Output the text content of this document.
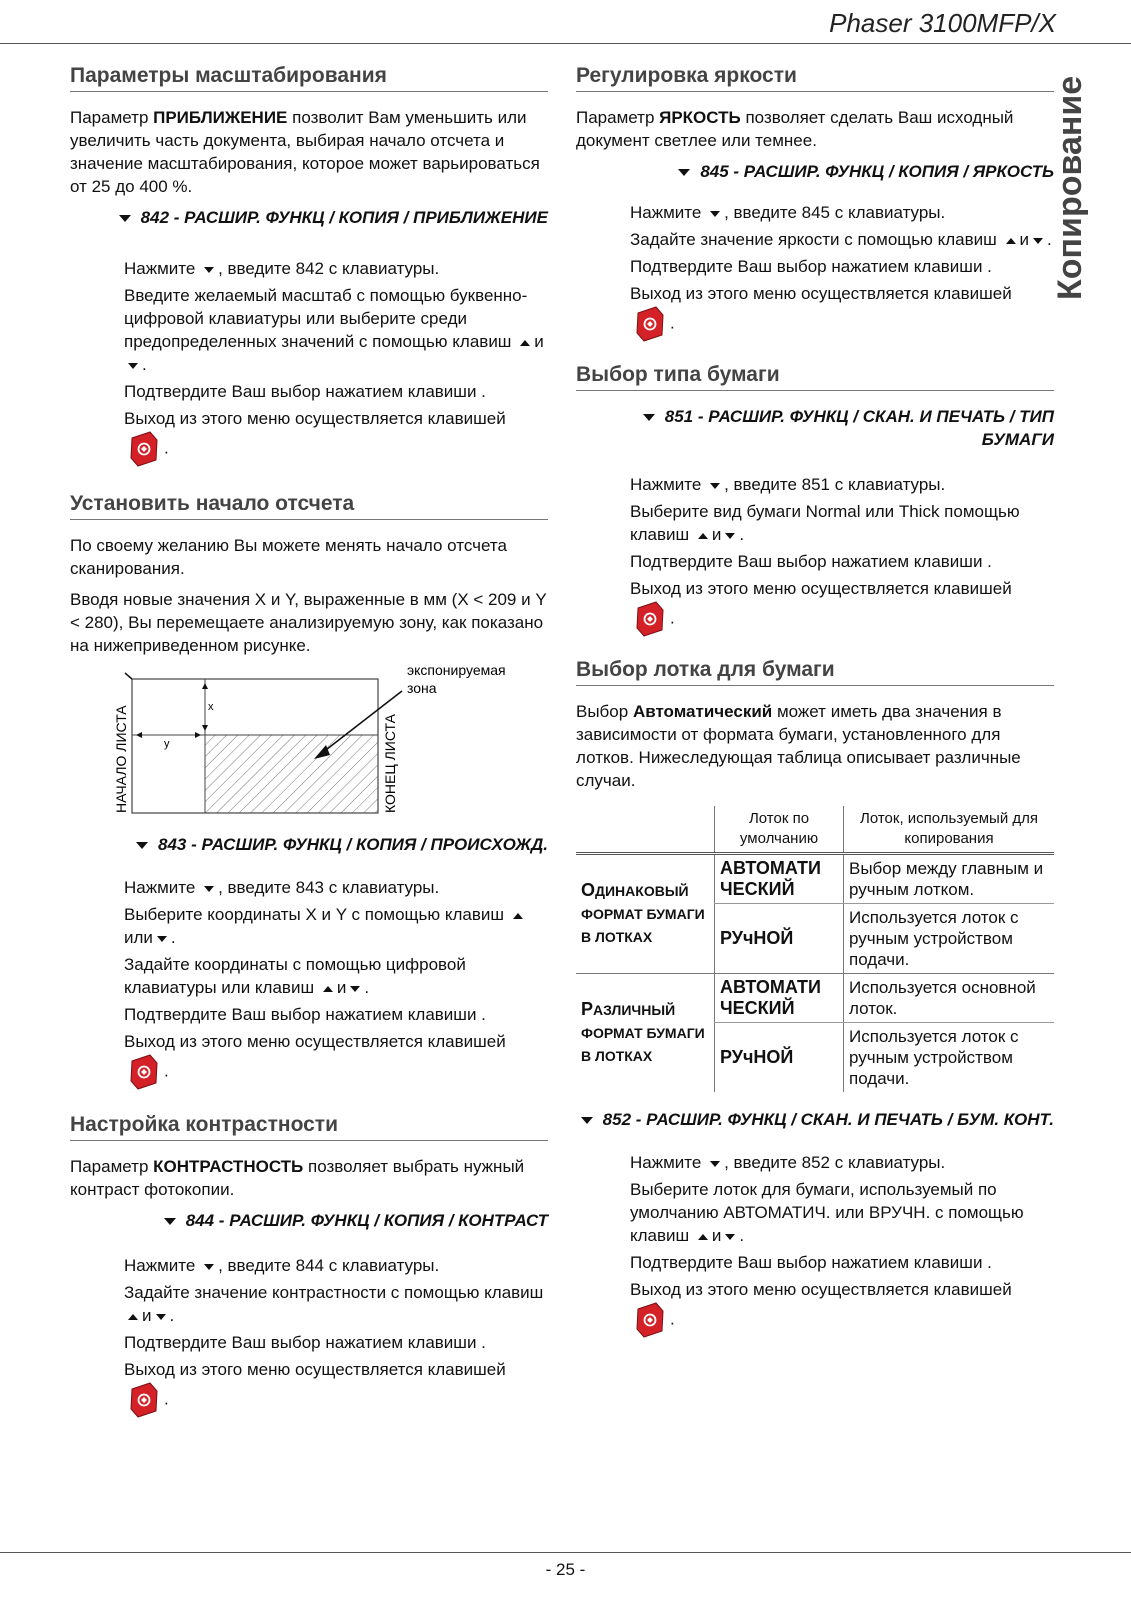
Phaser 3100MFP/X
Копирование
Параметры масштабирования
Параметр ПРИБЛИЖЕНИЕ позволит Вам уменьшить или увеличить часть документа, выбирая начало отсчета и значение масштабирования, которое может варьироваться от 25 до 400 %.
842 - РАСШИР. ФУНКЦ / КОПИЯ / ПРИБЛИЖЕНИЕ
Нажмите , введите 842 с клавиатуры.
Введите желаемый масштаб с помощью буквенно-цифровой клавиатуры или выберите среди предопределенных значений с помощью клавиш и.
Подтвердите Ваш выбор нажатием клавиши .
Выход из этого меню осуществляется клавишей .
Установить начало отсчета
По своему желанию Вы можете менять начало отсчета сканирования.
Вводя новые значения X и Y, выраженные в мм (X < 209 и Y < 280), Вы перемещаете анализируемую зону, как показано на нижеприведенном рисунке.
x
y
НАЧАЛО ЛИСТА	КОНЕЦ ЛИСТА
экспонируемая зона
843 - РАСШИР. ФУНКЦ / КОПИЯ / ПРОИСХОЖД.
Нажмите , введите 843 с клавиатуры.
Выберите координаты X и Y с помощью клавиш или .
Задайте координаты с помощью цифровой клавиатуры или клавиш и .
Подтвердите Ваш выбор нажатием клавиши .
Выход из этого меню осуществляется клавишей .
Настройка контрастности
Параметр КОНТРАСТНОСТЬ позволяет выбрать нужный контраст фотокопии.
844 - РАСШИР. ФУНКЦ / КОПИЯ / КОНТРАСТ
Нажмите , введите 844 с клавиатуры.
Задайте значение контрастности с помощью клавиш и .
Подтвердите Ваш выбор нажатием клавиши .
Выход из этого меню осуществляется клавишей .
Регулировка яркости
Параметр ЯРКОСТЬ позволяет сделать Ваш исходный документ светлее или темнее.
845 - РАСШИР. ФУНКЦ / КОПИЯ / ЯРКОСТЬ
Нажмите , введите 845 с клавиатуры.
Задайте значение яркости с помощью клавиш и .
Подтвердите Ваш выбор нажатием клавиши .
Выход из этого меню осуществляется клавишей .
Выбор типа бумаги
851 - РАСШИР. ФУНКЦ / СКАН. И ПЕЧАТЬ / ТИП БУМАГИ
Нажмите , введите 851 с клавиатуры.
Выберите вид бумаги Normal или Thick помощью клавиш и .
Подтвердите Ваш выбор нажатием клавиши .
Выход из этого меню осуществляется клавишей .
Выбор лотка для бумаги
Выбор Автоматический может иметь два значения в зависимости от формата бумаги, установленного для лотков. Нижеследующая таблица описывает различные случаи.
	Лоток по умолчанию	Лоток, используемый для копирования
ОДИНАКОВЫЙ ФОРМАТ БУМАГИ В ЛОТКАХ	АВТОМАТИ ЧЕСКИЙ	Выбор между главным и ручным лотком.
	РУчНОЙ	Используется лоток с ручным устройством подачи.
РАЗЛИЧНЫЙ ФОРМАТ БУМАГИ В ЛОТКАХ	АВТОМАТИ ЧЕСКИЙ	Используется основной лоток.
	РУчНОЙ	Используется лоток с ручным устройством подачи.
852 - РАСШИР. ФУНКЦ / СКАН. И ПЕЧАТЬ / БУМ. КОНТ.
Нажмите , введите 852 с клавиатуры.
Выберите лоток для бумаги, используемый по умолчанию АВТОМАТИЧ. или ВРУЧН. с помощью клавиш и .
Подтвердите Ваш выбор нажатием клавиши .
Выход из этого меню осуществляется клавишей .
- 25 -
